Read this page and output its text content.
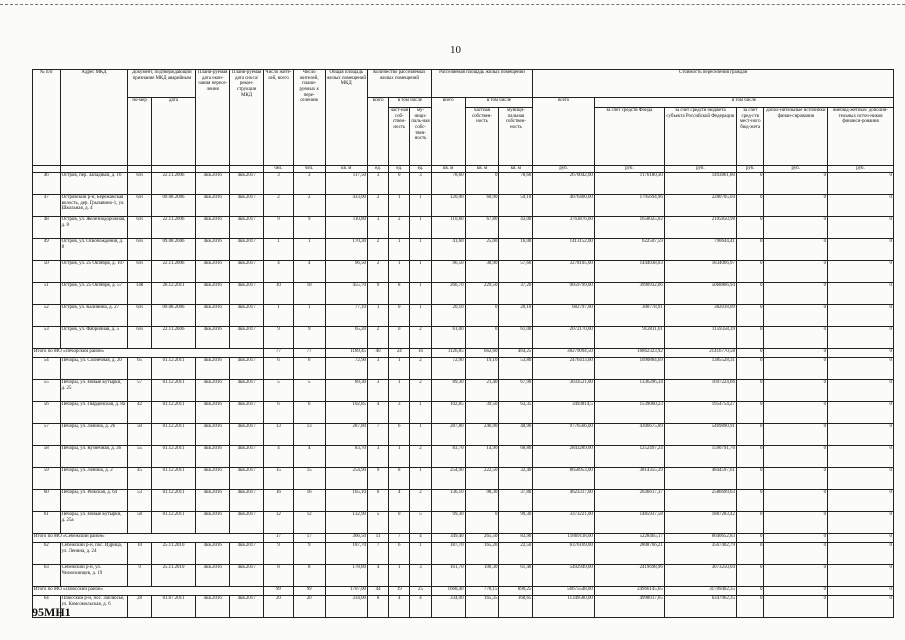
10
№ п/п	Адрес МКД	Документ, подтверждающий признание МКД аварийным		Плани-руемая дата окон-чания пересе-ления	Плани-руемая дата сноса/ рекон-струкции МКД	Число жите-лей, всего	Число жителей, плани-руемых к пере-селению	Общая площадь жилых помещений МКД	Количество расселяемых жилых помещений			Расселяемая площадь жилых помещений			Стоимость переселения граждан					
		но-мер	дата						всего	в том числе		всего	в том числе		всего	в том числе				
										част-ная соб-ствен-ность	му-ници-паль-ная собс-твен-ность		частная собствен-ность	муници-пальная собствен-ность		за счет средств Фонда	за счет средств бюджета субъекта Российской Федерации	за счет сред-ств мест-ного бюд-жета	допол-нительные источники финан-сирования	внебюд-жетных/ дополни-тельных источ-ников финанси-рования
						чел.	чел.	кв. м	ед.	ед.	ед.	кв. м	кв. м	кв. м	руб.	руб.	руб.	руб.	руб.	руб.
46	Остров, пер. Западный, д. 16	б/н	22.11.2006	4кв.2016	4кв.2017	3	3	117,50	3	0	3	78,60	0	78,60	2670042,00	1176180,30	1493861,80	0	0	0
47	Островский р-н, Бережанская волость, дер. Грызавино-1, ул. Школьная, д. 4	б/н	09.08.2006	4кв.2016	4кв.2017	2	2	433,00	2	1	1	120,00	60,90	59,10	4076400,00	1795694,96	2280705,04	0	0	0
48	Остров, ул. Железнодорожная, д. 8	б/н	22.11.2006	4кв.2016	4кв.2017	9	9	110,80	3	2	1	110,80	67,80	43,00	3763876,00	1658025,02	2105850,98	0	0	0
49	Остров, ул. Освобождения, д. 8	б/н	09.08.2006	4кв.2016	4кв.2017	1	1	170,30	2	1	1	41,60	25,60	16,00	1413152,00	622507,59	790644,41	0	0	0
50	Остров, ул. 25 Октября, д. 107	б/н	22.11.2006	4кв.2016	4кв.2017	4	4	96,50	2	1	1	96,50	38,90	57,60	3278105,00	1444038,03	1834066,97	0	0	0
51	Остров, ул. 25 Октября, д. 57	148	28.12.2011	4кв.2016	4кв.2017	10	10	455,70	9	8	1	266,70	229,50	37,20	9059799,00	3990932,06	5068866,94	0	0	0
52	Остров, ул. Калинина, д. 27	б/н	09.08.2006	4кв.2016	4кв.2017	1	1	77,10	1	0	1	20,10	0	20,10	682797,00	300778,91	382018,09	0	0	0
53	Остров, ул. Фабричная, д. 5	б/н	22.11.2006	4кв.2016	4кв.2017	9	9	65,20	2	0	2	61,00	0	61,00	2072170,00	912811,61	1159358,39	0	0	0
Итого по МО «Печорский район»						77	77	1189,45	40	24	16	1126,85	662,60	464,25	38279094,50	16862323,92	21416770,58	0	0	0
54	Печоры, ул. Солнечная, д. 20	65	01.12.2011	4кв.2016	4кв.2017	6	6	72,90	3	1	2	72,90	19,10	53,80	2476413,00	1090884,69	1385528,31	0	0	0
55	Печоры, ул. Новые Бутырки, д. 25	57	01.12.2011	4кв.2016	4кв.2017	5	5	89,30	3	1	2	89,30	21,40	67,90	3033521,00	1336296,34	1697224,66	0	0	0
56	Печоры, ул. Гвардейская, д. 8а	42	01.12.2011	4кв.2016	4кв.2017	6	6	102,85	4	3	1	102,85	39,50	63,35	3493814,5	1539060,23	1954754,27	0	0	0
57	Печоры, ул. Ленина, д. 26	50	01.12.2011	4кв.2016	4кв.2017	13	13	287,80	7	6	1	287,80	246,90	40,90	9776566,00	4306675,09	5469890,91	0	0	0
58	Печоры, ул. Кузнечная, д. 36	55	01.12.2011	4кв.2016	4кв.2017	4	4	83,70	3	1	2	83,70	14,90	68,80	2843289,00	1252497,24	1590791,76	0	0	0
59	Печоры, ул. Ленина, д. 2	45	01.12.2011	4кв.2016	4кв.2017	15	15	254,90	9	8	1	254,90	222,50	32,40	8658953,00	3814355,39	4844597,61	0	0	0
60	Печоры, ул. Рижская, д. 64	53	01.12.2011	4кв.2016	4кв.2017	16	16	165,10	6	4	2	136,10	98,30	37,80	4623317,00	2036617,37	2586699,63	0	0	0
61	Печоры, ул. Новые Бутырки, д. 25а	58	01.12.2011	4кв.2016	4кв.2017	12	12	132,90	5	0	5	99,30	0	99,30	3373221,00	1485937,58	1887283,42	0	0	0
Итого по МО «Себежский район»						17	17	366,50	11	7	4	349,40	265,50	83,90	11869118,00	5228465,17	6640652,83	0	0	0
62	Себежский р-н, пос. Идрица, ул. Ленина, д. 24	10	25.11.2010	4кв.2016	4кв.2017	9	9	187,70	7	6	1	187,70	165,20	22,50	6376169,00	2808766,21	3567402,79	0	0	0
63	Себежский р-н, ул. Челюскинцев, д. 19	9	25.11.2010	4кв.2016	4кв.2017	8	8	178,80	4	1	3	161,70	100,30	61,40	5492949,00	2419698,96	3073250,04	0	0	0
Итого по МО «Плюсский район»						99	99	1707,00	44	19	25	1668,40	778,15	890,25	56675548,00	24966145,65	31709402,35	0	0	0
64	Плюсский р-н, пос. Заплюсье, ул. Комсомольская, д. 6	28	01.07.2011	4кв.2016	4кв.2017	20	20	334,00	8	4	4	334,00	165,35	168,65	11349580,00	4998017,65	6347962,35	0	0	0
95МН1
